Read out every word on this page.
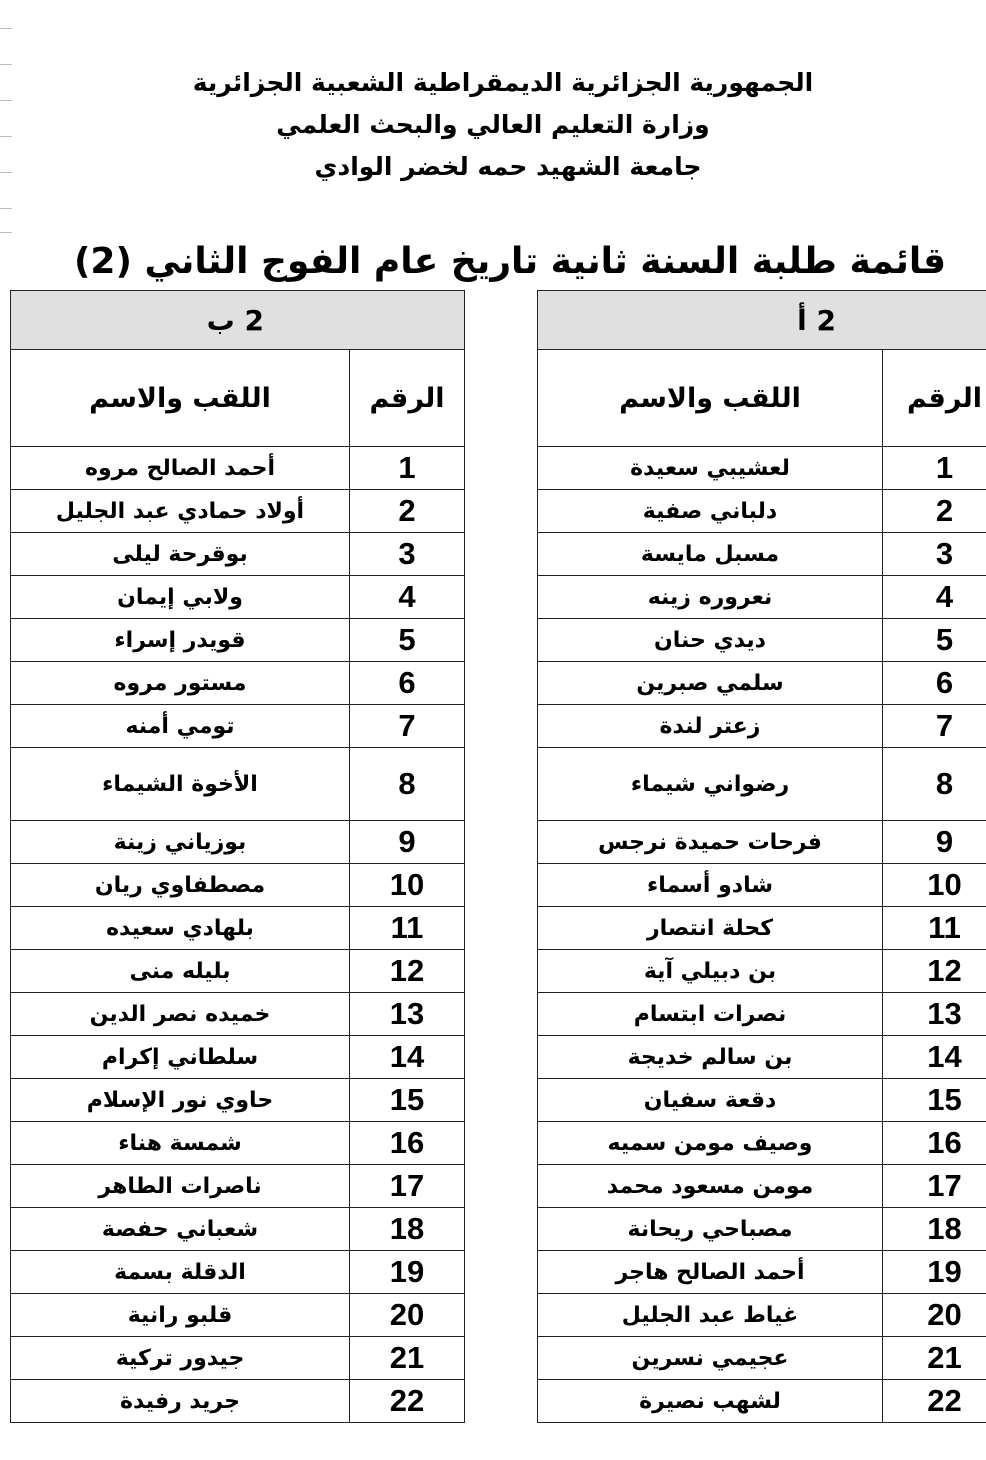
الجمهورية الجزائرية الديمقراطية الشعبية الجزائرية
وزارة التعليم العالي والبحث العلمي
جامعة الشهيد حمه لخضر الوادي
قائمة طلبة السنة ثانية تاريخ عام الفوج الثاني (2)
2 أ	
الرقم	اللقب والاسم
1	لعشيبي سعيدة
2	دلباني صفية
3	مسبل مايسة
4	نعروره زينه
5	ديدي حنان
6	سلمي صبرين
7	زعتر لندة
8	رضواني شيماء
9	فرحات حميدة نرجس
10	شادو أسماء
11	كحلة انتصار
12	بن دبيلي آية
13	نصرات ابتسام
14	بن سالم خديجة
15	دقعة سفيان
16	وصيف مومن سميه
17	مومن مسعود محمد
18	مصباحي ريحانة
19	أحمد الصالح هاجر
20	غياط عبد الجليل
21	عجيمي نسرين
22	لشهب نصيرة
2 ب	
الرقم	اللقب والاسم
1	أحمد الصالح مروه
2	أولاد حمادي عبد الجليل
3	بوقرحة ليلى
4	ولابي إيمان
5	قويدر إسراء
6	مستور مروه
7	تومي أمنه
8	الأخوة الشيماء
9	بوزياني زينة
10	مصطفاوي ريان
11	بلهادي سعيده
12	بليله منى
13	خميده نصر الدين
14	سلطاني إكرام
15	حاوي نور الإسلام
16	شمسة هناء
17	ناصرات الطاهر
18	شعباني حفصة
19	الدقلة بسمة
20	قلبو رانية
21	جيدور تركية
22	جريد رفيدة
